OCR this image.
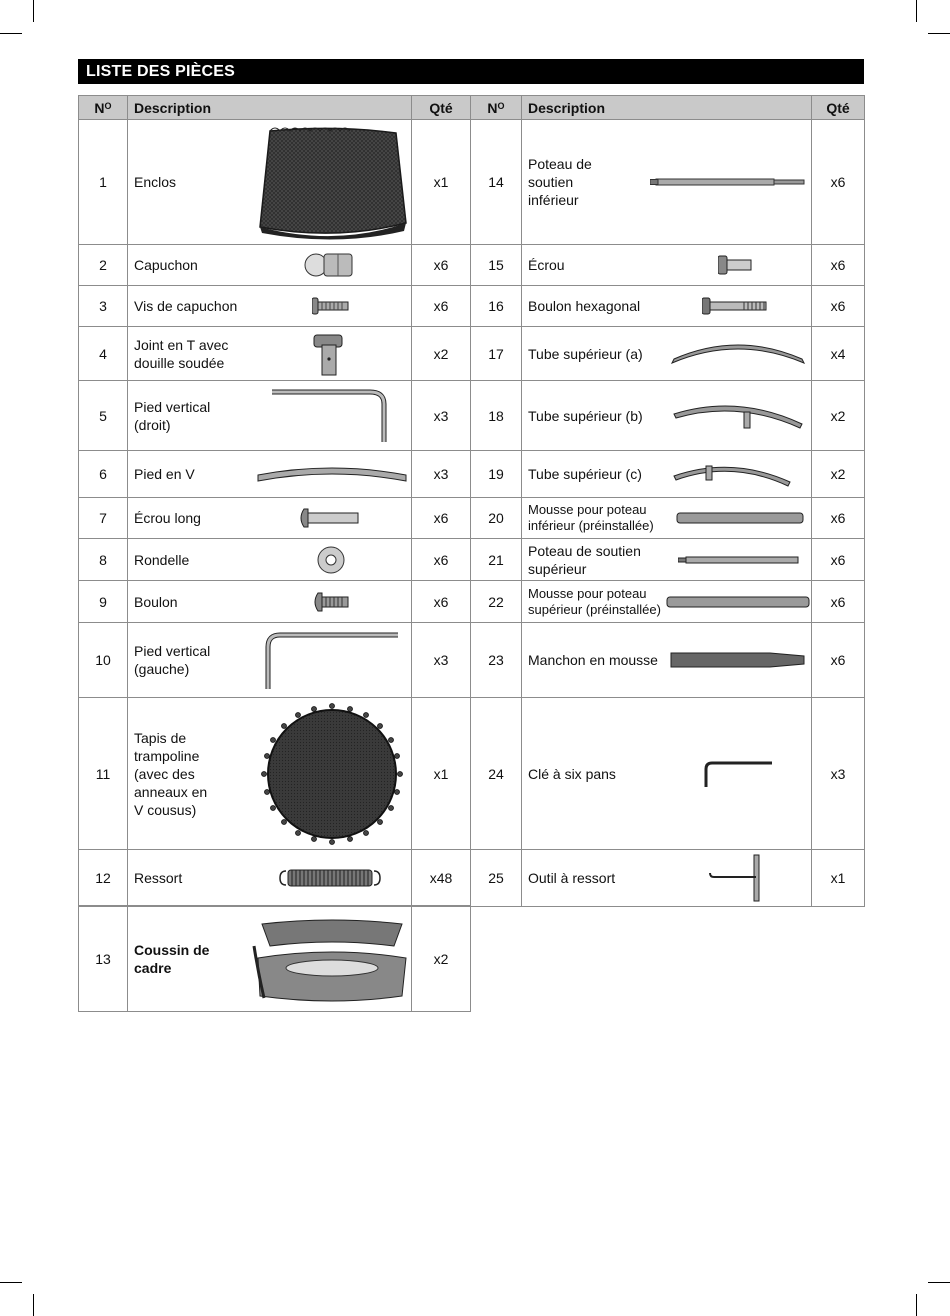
LISTE DES PIÈCES
$N^O$	Description	Qté	$N^O$	Description	Qté
1	Enclos	x1	14	Poteau de
soutien
inférieur	x6
2	Capuchon	x6	15	Écrou	x6
3	Vis de capuchon	x6	16	Boulon hexagonal	x6
4	Joint en T avec
douille soudée	x2	17	Tube supérieur (a)	x4
5	Pied vertical
(droit)	x3	18	Tube supérieur (b)	x2
6	Pied en V	x3	19	Tube supérieur (c)	x2
7	Écrou long	x6	20	Mousse pour poteau
inférieur (préinstallée)	x6
8	Rondelle	x6	21	Poteau de soutien
supérieur	x6
9	Boulon	x6	22	Mousse pour poteau
supérieur (préinstallée)	x6
10	Pied vertical
(gauche)	x3	23	Manchon en mousse	x6
11	Tapis de
trampoline
(avec des
anneaux en
V cousus)	x1	24	Clé à six pans	x3
12	Ressort	x48	25	Outil à ressort	x1
13	
Coussin de
cadre
	x2
